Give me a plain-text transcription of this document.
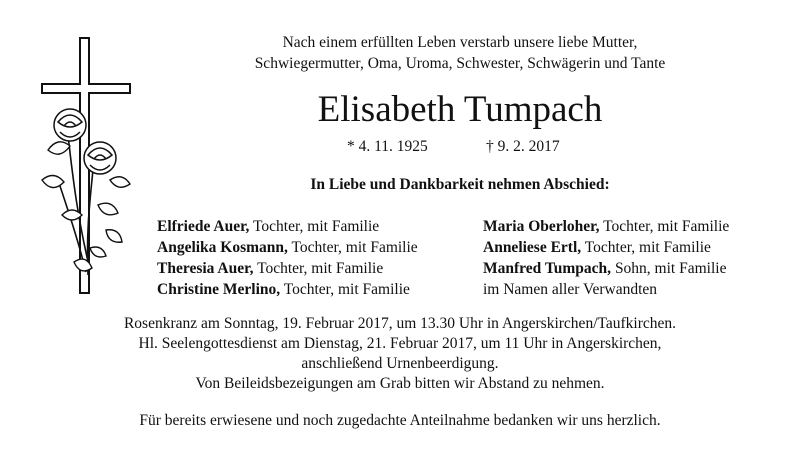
Nach einem erfüllten Leben verstarb unsere liebe Mutter,
Schwiegermutter, Oma, Uroma, Schwester, Schwägerin und Tante
Elisabeth Tumpach
* 4. 11. 1925	† 9. 2. 2017
In Liebe und Dankbarkeit nehmen Abschied:
Elfriede Auer, Tochter, mit Familie
Angelika Kosmann, Tochter, mit Familie
Theresia Auer, Tochter, mit Familie
Christine Merlino, Tochter, mit Familie
Maria Oberloher, Tochter, mit Familie
Anneliese Ertl, Tochter, mit Familie
Manfred Tumpach, Sohn, mit Familie
im Namen aller Verwandten
Rosenkranz am Sonntag, 19. Februar 2017, um 13.30 Uhr in Angerskirchen/Taufkirchen.
Hl. Seelengottesdienst am Dienstag, 21. Februar 2017, um 11 Uhr in Angerskirchen,
anschließend Urnenbeerdigung.
Von Beileidsbezeigungen am Grab bitten wir Abstand zu nehmen.
Für bereits erwiesene und noch zugedachte Anteilnahme bedanken wir uns herzlich.
